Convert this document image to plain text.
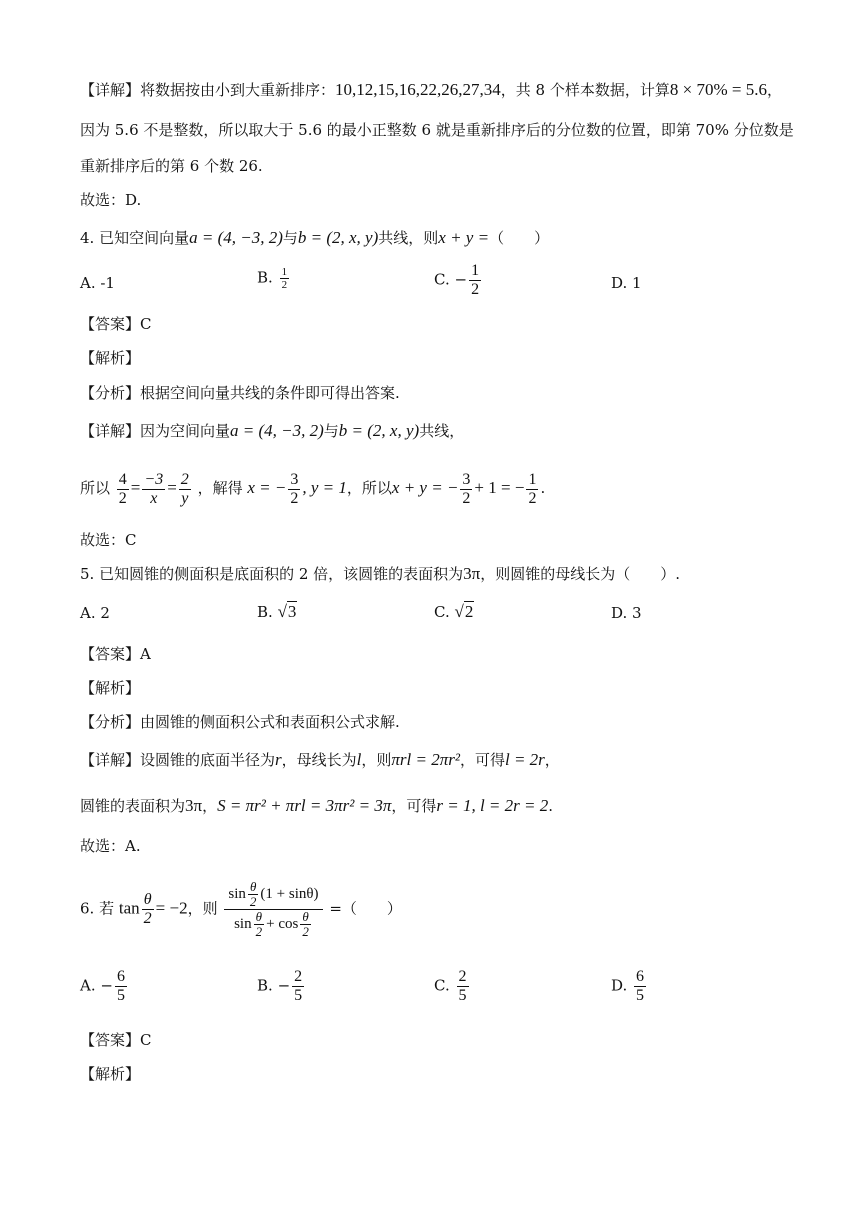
【详解】将数据按由小到大重新排序：10,12,15,16,22,26,27,34，共 8 个样本数据，计算8 × 70% = 5.6，
因为 5.6 不是整数，所以取大于 5.6 的最小正整数 6 就是重新排序后的分位数的位置，即第 70% 分位数是
重新排序后的第 6 个数 26.
故选：D.
4. 已知空间向量a = (4, −3, 2)与b = (2, x, y)共线，则x + y =（　　）
A. -1	B. $\frac{1}{2}$	C. − $\frac{1}{2}$	D. 1
【答案】C
【解析】
【分析】根据空间向量共线的条件即可得出答案.
【详解】因为空间向量a = (4, −3, 2)与b = (2, x, y)共线，
所以 $\frac{4}{2} = \frac{-3}{x} = \frac{2}{y}$ ，解得 x = − $\frac{3}{2}$ , y = 1，所以x + y = − $\frac{3}{2} + 1$ = − $\frac{1}{2}$ .
故选：C
5. 已知圆锥的侧面积是底面积的 2 倍，该圆锥的表面积为3π，则圆锥的母线长为（　　）.
A. 2	B. √3	C. √2	D. 3
【答案】A
【解析】
【分析】由圆锥的侧面积公式和表面积公式求解.
【详解】设圆锥的底面半径为r，母线长为l，则πrl = 2πr²，可得l = 2r，
圆锥的表面积为3π，S = πr² + πrl = 3πr² = 3π，可得r = 1, l = 2r = 2.
故选：A.
6. 若 $\tan \frac{\theta}{2} = -2$，则 $\frac{\sin \frac{\theta}{2} (1 + \sin\theta)}{\sin \frac{\theta}{2} + \cos \frac{\theta}{2}}$ =（　　）
A. − $\frac{6}{5}$	B. − $\frac{2}{5}$	C. $\frac{2}{5}$	D. $\frac{6}{5}$
【答案】C
【解析】
